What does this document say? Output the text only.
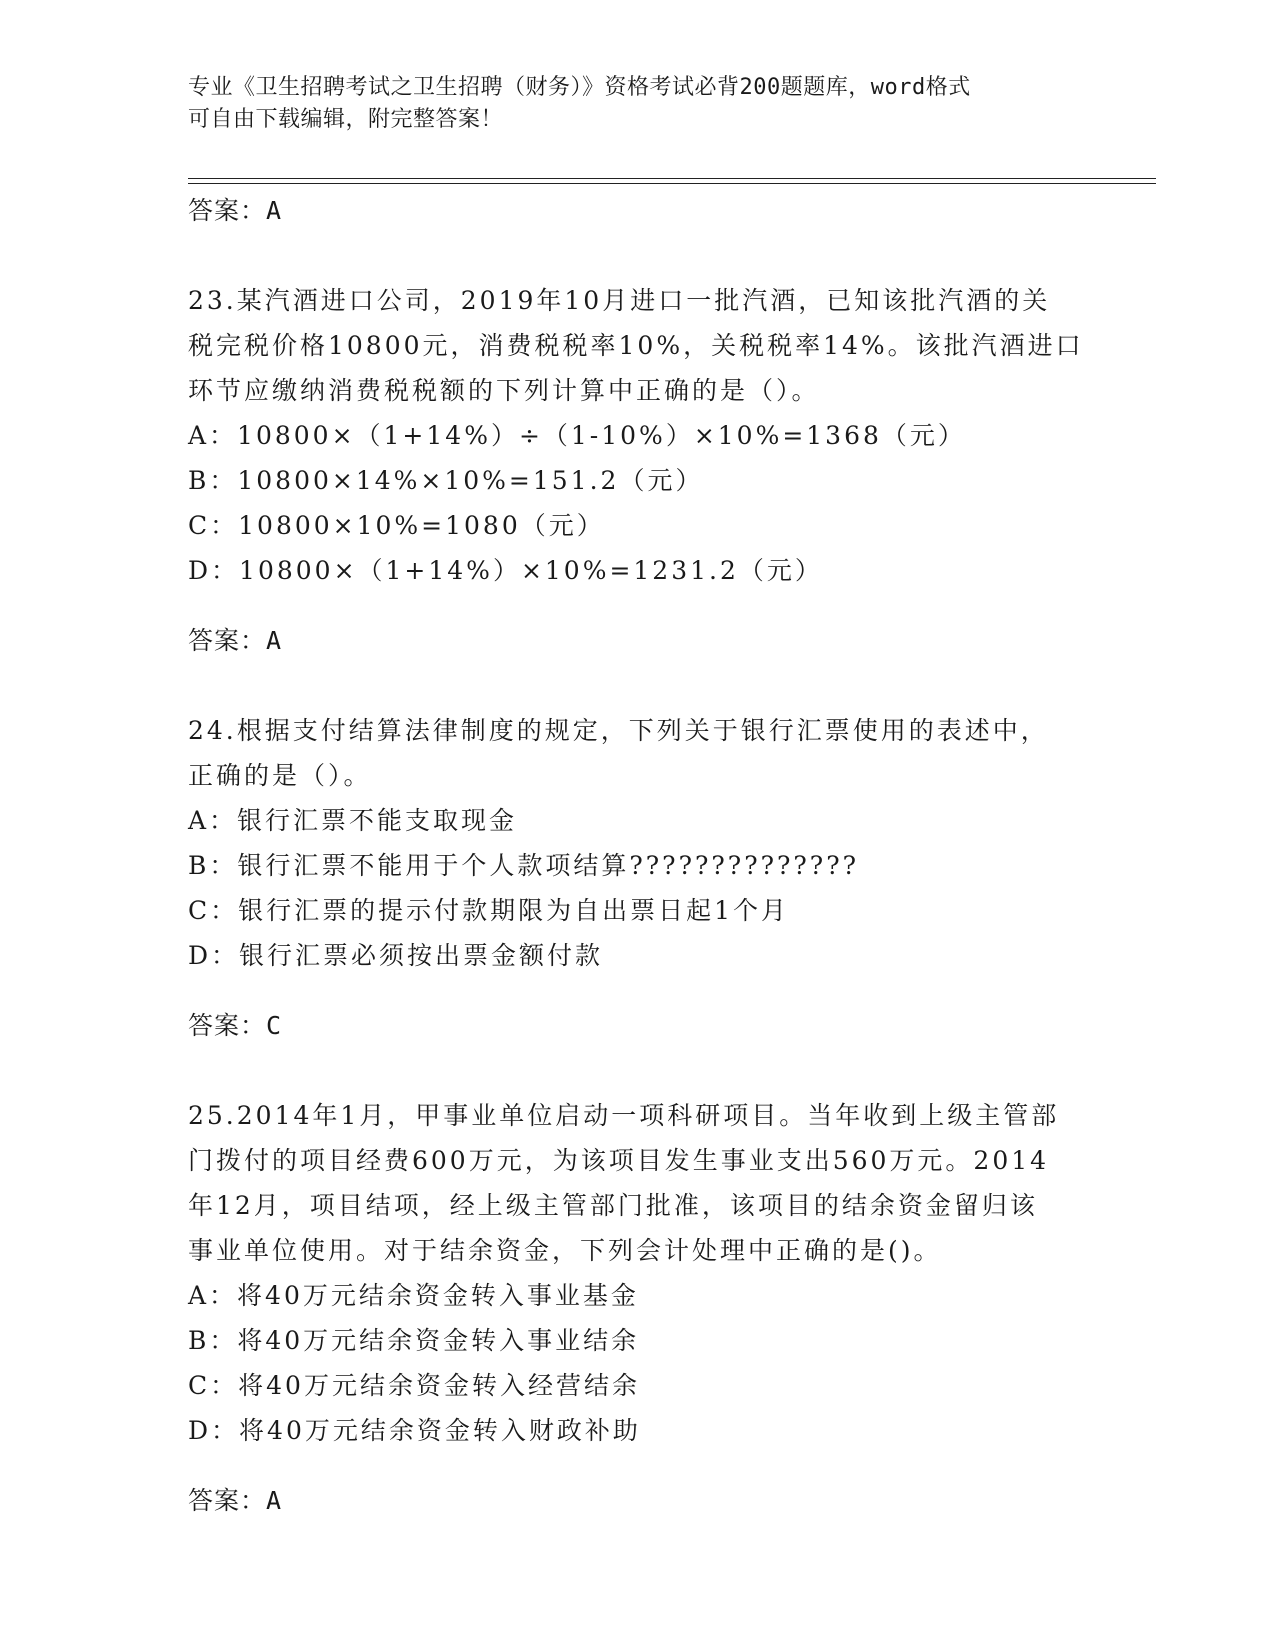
专业《卫生招聘考试之卫生招聘（财务）》资格考试必背200题题库，word格式
可自由下载编辑，附完整答案！

答案：A

23.某汽酒进口公司，2019年10月进口一批汽酒，已知该批汽酒的关

税完税价格10800元，消费税税率10%，关税税率14%。该批汽酒进口

环节应缴纳消费税税额的下列计算中正确的是（）。

A：10800×（1+14%）÷（1-10%）×10%=1368（元）

B：10800×14%×10%=151.2（元）

C：10800×10%=1080（元）

D：10800×（1+14%）×10%=1231.2（元）

答案：A

24.根据支付结算法律制度的规定，下列关于银行汇票使用的表述中，

正确的是（）。

A：银行汇票不能支取现金

B：银行汇票不能用于个人款项结算??????????????

C：银行汇票的提示付款期限为自出票日起1个月

D：银行汇票必须按出票金额付款

答案：C

25.2014年1月，甲事业单位启动一项科研项目。当年收到上级主管部

门拨付的项目经费600万元，为该项目发生事业支出560万元。2014

年12月，项目结项，经上级主管部门批准，该项目的结余资金留归该

事业单位使用。对于结余资金，下列会计处理中正确的是()。

A：将40万元结余资金转入事业基金

B：将40万元结余资金转入事业结余

C：将40万元结余资金转入经营结余

D：将40万元结余资金转入财政补助

答案：A
